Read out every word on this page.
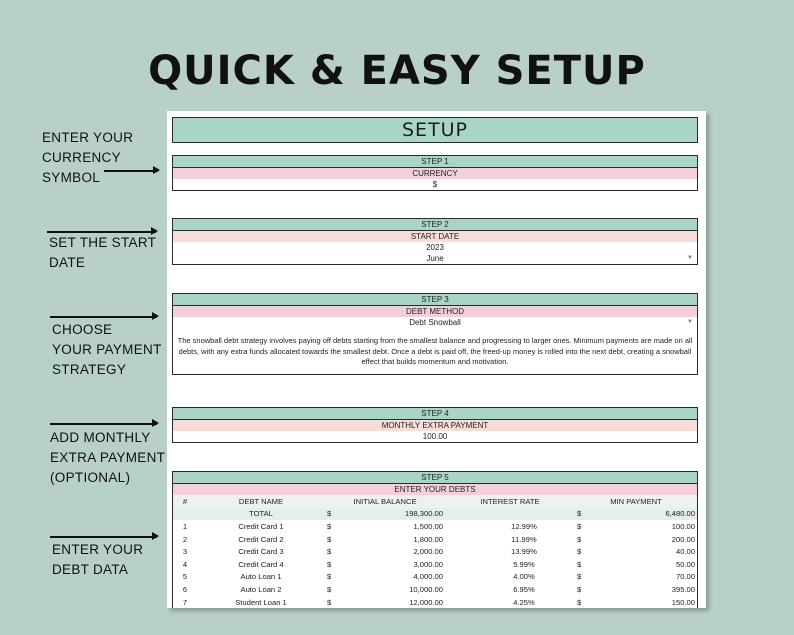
QUICK & EASY SETUP
ENTER YOUR
CURRENCY
SYMBOL
SET THE START
DATE
CHOOSE
YOUR PAYMENT
STRATEGY
ADD MONTHLY
EXTRA PAYMENT
(OPTIONAL)
ENTER YOUR
DEBT DATA
SETUP
STEP 1
CURRENCY
$
STEP 2
START DATE
2023
June	▼
STEP 3
DEBT METHOD
Debt Snowball	▼
The snowball debt strategy involves paying off debts starting from the smallest balance and progressing to larger ones. Minimum payments are made on all debts, with any extra funds allocated towards the smallest debt. Once a debt is paid off, the freed-up money is rolled into the next debt, creating a snowball effect that builds momentum and motivation.
STEP 4
MONTHLY EXTRA PAYMENT
100.00
STEP 5
ENTER YOUR DEBTS
#	DEBT NAME	INITIAL BALANCE		INTEREST RATE	MIN PAYMENT	
	TOTAL	$	198,300.00		$	6,480.00
1	Credit Card 1	$	1,500.00	12.99%	$	100.00
2	Credit Card 2	$	1,800.00	11.99%	$	200.00
3	Credit Card 3	$	2,000.00	13.99%	$	40.00
4	Credit Card 4	$	3,000.00	5.99%	$	50.00
5	Auto Loan 1	$	4,000.00	4.00%	$	70.00
6	Auto Loan 2	$	10,000.00	6.95%	$	395.00
7	Student Loan 1	$	12,000.00	4.25%	$	150.00
